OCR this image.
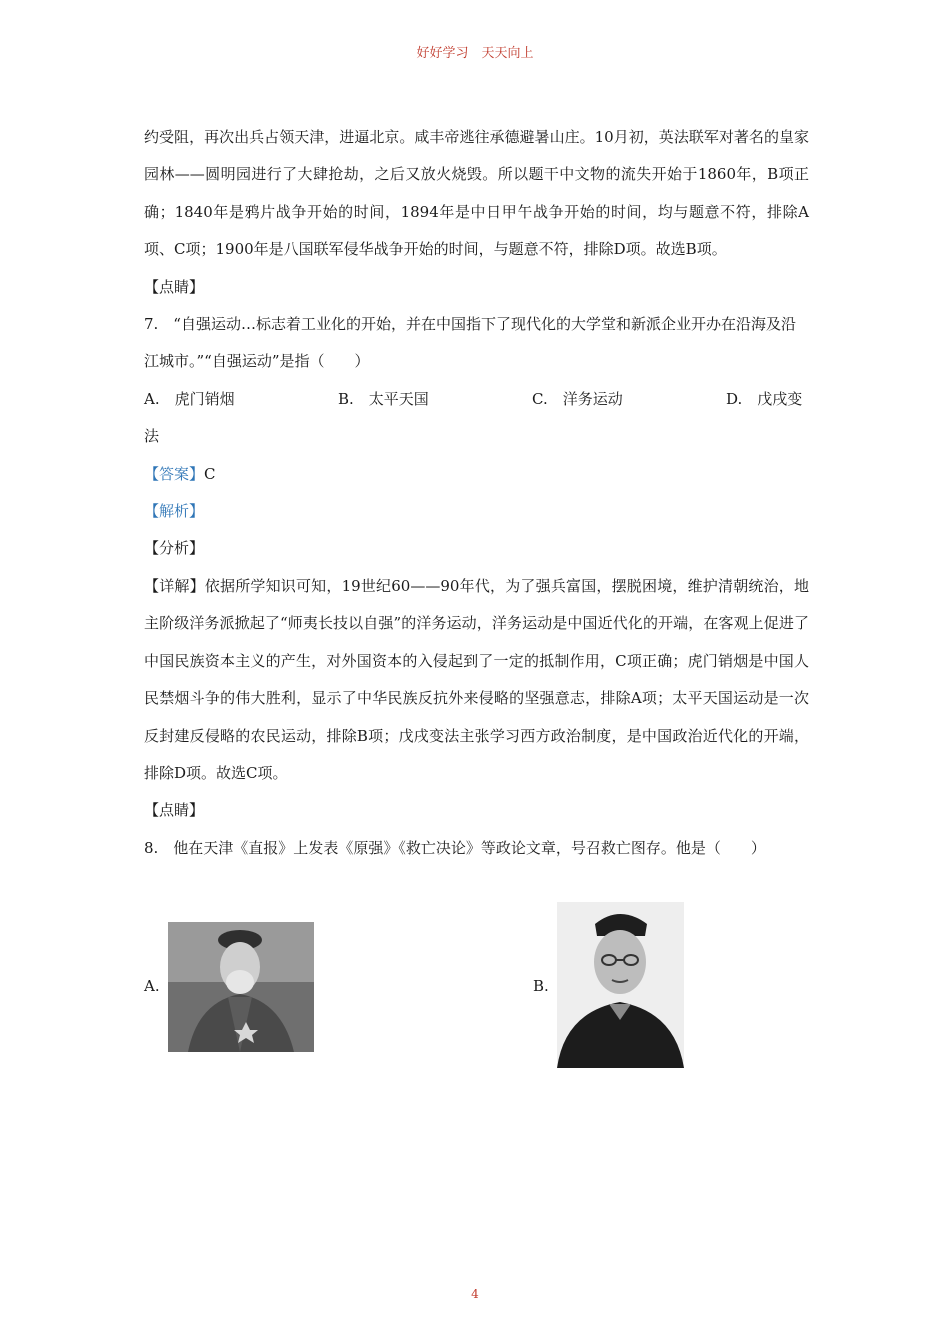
好好学习　天天向上

约受阻，再次出兵占领天津，进逼北京。咸丰帝逃往承德避暑山庄。10月初，英法联军对著名的皇家园林——圆明园进行了大肆抢劫，之后又放火烧毁。所以题干中文物的流失开始于1860年，B项正确；1840年是鸦片战争开始的时间，1894年是中日甲午战争开始的时间，均与题意不符，排除A项、C项；1900年是八国联军侵华战争开始的时间，与题意不符，排除D项。故选B项。

【点睛】

7.　“自强运动…标志着工业化的开始，并在中国指下了现代化的大学堂和新派企业开办在沿海及沿江城市。”“自强运动”是指（　　）

A.　虎门销烟	B.　太平天国	C.　洋务运动	D.　戊戌变

法

【答案】C

【解析】

【分析】

【详解】依据所学知识可知，19世纪60——90年代，为了强兵富国，摆脱困境，维护清朝统治，地主阶级洋务派掀起了“师夷长技以自强”的洋务运动，洋务运动是中国近代化的开端，在客观上促进了中国民族资本主义的产生，对外国资本的入侵起到了一定的抵制作用，C项正确；虎门销烟是中国人民禁烟斗争的伟大胜利，显示了中华民族反抗外来侵略的坚强意志，排除A项；太平天国运动是一次反封建反侵略的农民运动，排除B项；戊戌变法主张学习西方政治制度，是中国政治近代化的开端，排除D项。故选C项。

【点睛】

8.　他在天津《直报》上发表《原强》《救亡决论》等政论文章，号召救亡图存。他是（　　）

A.	B.
4
